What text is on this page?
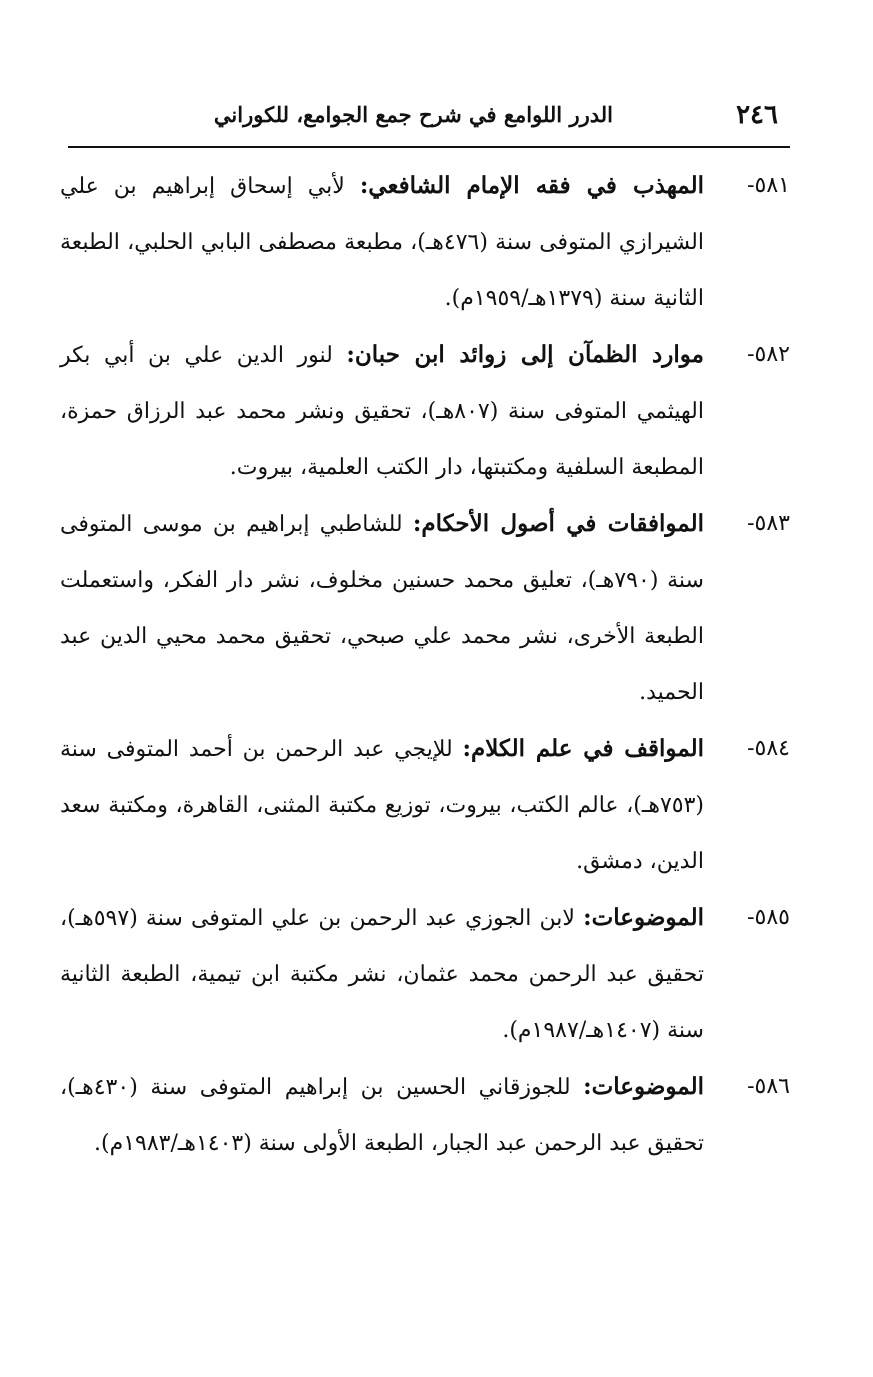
٢٤٦
الدرر اللوامع في شرح جمع الجوامع، للكوراني
٥٨١-
المهذب في فقه الإمام الشافعي: لأبي إسحاق إبراهيم بن علي الشيرازي المتوفى سنة (٤٧٦هـ)، مطبعة مصطفى البابي الحلبي، الطبعة الثانية سنة (١٣٧٩هـ/١٩٥٩م).
٥٨٢-
موارد الظمآن إلى زوائد ابن حبان: لنور الدين علي بن أبي بكر الهيثمي المتوفى سنة (٨٠٧هـ)، تحقيق ونشر محمد عبد الرزاق حمزة، المطبعة السلفية ومكتبتها، دار الكتب العلمية، بيروت.
٥٨٣-
الموافقات في أصول الأحكام: للشاطبي إبراهيم بن موسى المتوفى سنة (٧٩٠هـ)، تعليق محمد حسنين مخلوف، نشر دار الفكر، واستعملت الطبعة الأخرى، نشر محمد علي صبحي، تحقيق محمد محيي الدين عبد الحميد.
٥٨٤-
المواقف في علم الكلام: للإيجي عبد الرحمن بن أحمد المتوفى سنة (٧٥٣هـ)، عالم الكتب، بيروت، توزيع مكتبة المثنى، القاهرة، ومكتبة سعد الدين، دمشق.
٥٨٥-
الموضوعات: لابن الجوزي عبد الرحمن بن علي المتوفى سنة (٥٩٧هـ)، تحقيق عبد الرحمن محمد عثمان، نشر مكتبة ابن تيمية، الطبعة الثانية سنة (١٤٠٧هـ/١٩٨٧م).
٥٨٦-
الموضوعات: للجوزقاني الحسين بن إبراهيم المتوفى سنة (٤٣٠هـ)، تحقيق عبد الرحمن عبد الجبار، الطبعة الأولى سنة (١٤٠٣هـ/١٩٨٣م).
